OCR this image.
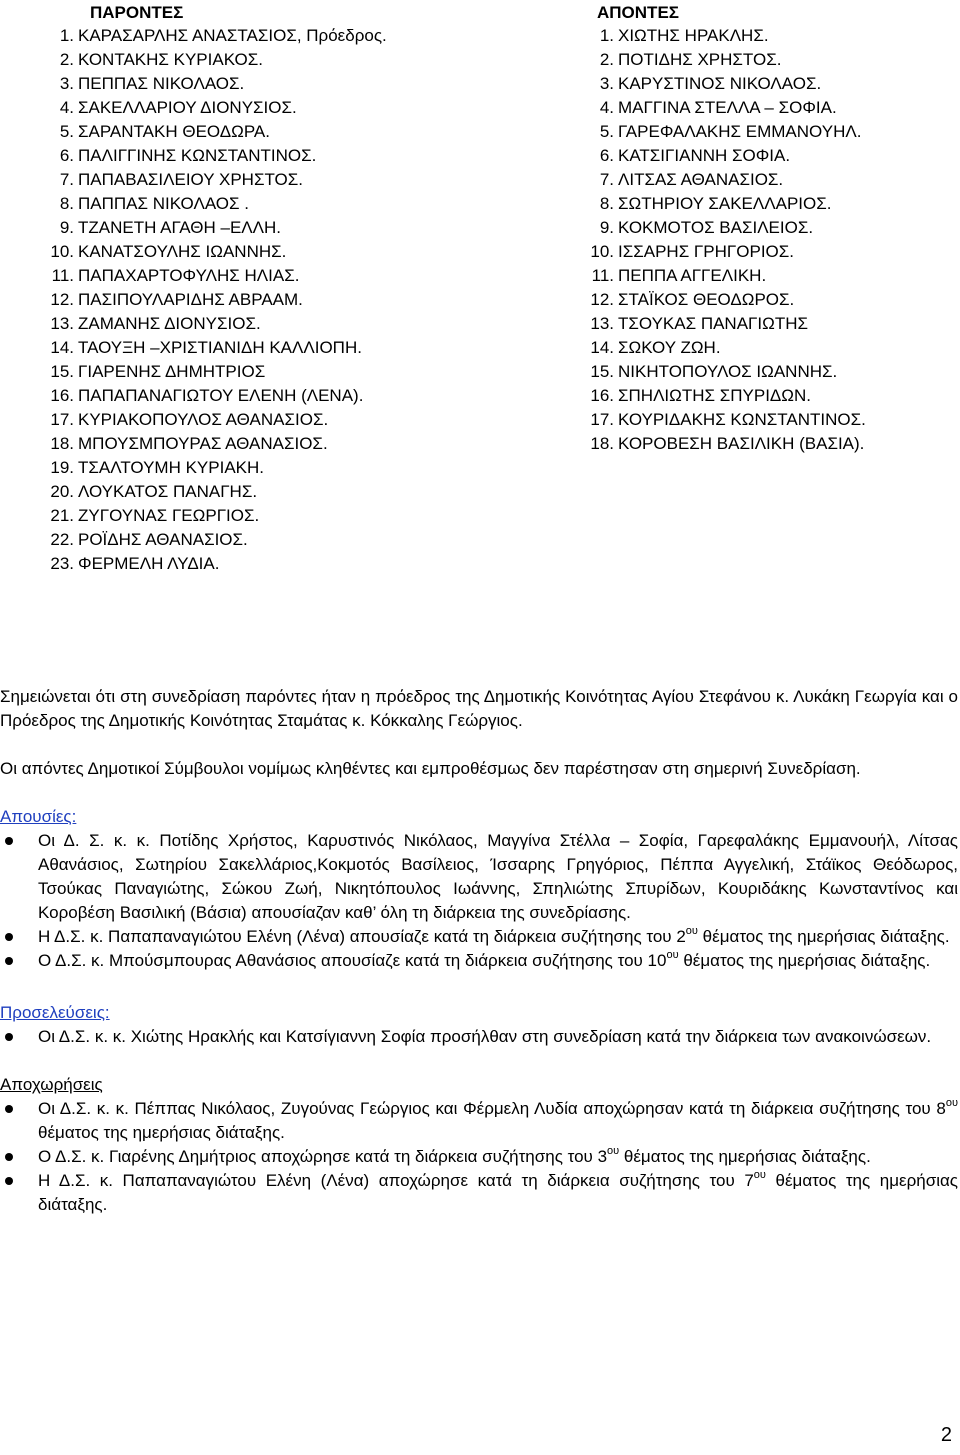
ΠΑΡΟΝΤΕΣ
1. ΚΑΡΑΣΑΡΛΗΣ ΑΝΑΣΤΑΣΙΟΣ, Πρόεδρος.
2. ΚΟΝΤΑΚΗΣ ΚΥΡΙΑΚΟΣ.
3. ΠΕΠΠΑΣ ΝΙΚΟΛΑΟΣ.
4. ΣΑΚΕΛΛΑΡΙΟΥ ΔΙΟΝΥΣΙΟΣ.
5. ΣΑΡΑΝΤΑΚΗ ΘΕΟΔΩΡΑ.
6. ΠΑΛΙΓΓΙΝΗΣ ΚΩΝΣΤΑΝΤΙΝΟΣ.
7. ΠΑΠΑΒΑΣΙΛΕΙΟΥ ΧΡΗΣΤΟΣ.
8. ΠΑΠΠΑΣ ΝΙΚΟΛΑΟΣ .
9. ΤΖΑΝΕΤΗ ΑΓΑΘΗ –ΕΛΛΗ.
10. ΚΑΝΑΤΣΟΥΛΗΣ ΙΩΑΝΝΗΣ.
11. ΠΑΠΑΧΑΡΤΟΦΥΛΗΣ ΗΛΙΑΣ.
12. ΠΑΣΙΠΟΥΛΑΡΙΔΗΣ ΑΒΡΑΑΜ.
13. ΖΑΜΑΝΗΣ ΔΙΟΝΥΣΙΟΣ.
14. ΤΑΟΥΞΗ –ΧΡΙΣΤΙΑΝΙΔΗ ΚΑΛΛΙΟΠΗ.
15. ΓΙΑΡΕΝΗΣ ΔΗΜΗΤΡΙΟΣ
16. ΠΑΠΑΠΑΝΑΓΙΩΤΟΥ ΕΛΕΝΗ (ΛΕΝΑ).
17. ΚΥΡΙΑΚΟΠΟΥΛΟΣ ΑΘΑΝΑΣΙΟΣ.
18. ΜΠΟΥΣΜΠΟΥΡΑΣ ΑΘΑΝΑΣΙΟΣ.
19. ΤΣΑΛΤΟΥΜΗ ΚΥΡΙΑΚΗ.
20. ΛΟΥΚΑΤΟΣ ΠΑΝΑΓΗΣ.
21. ΖΥΓΟΥΝΑΣ ΓΕΩΡΓΙΟΣ.
22. ΡΟΪΔΗΣ ΑΘΑΝΑΣΙΟΣ.
23. ΦΕΡΜΕΛΗ ΛΥΔΙΑ.
ΑΠΟΝΤΕΣ
1. ΧΙΩΤΗΣ ΗΡΑΚΛΗΣ.
2. ΠΟΤΙΔΗΣ ΧΡΗΣΤΟΣ.
3. ΚΑΡΥΣΤΙΝΟΣ ΝΙΚΟΛΑΟΣ.
4. ΜΑΓΓΙΝΑ ΣΤΕΛΛΑ – ΣΟΦΙΑ.
5. ΓΑΡΕΦΑΛΑΚΗΣ ΕΜΜΑΝΟΥΗΛ.
6. ΚΑΤΣΙΓΙΑΝΝΗ ΣΟΦΙΑ.
7. ΛΙΤΣΑΣ ΑΘΑΝΑΣΙΟΣ.
8. ΣΩΤΗΡΙΟΥ ΣΑΚΕΛΛΑΡΙΟΣ.
9. ΚΟΚΜΟΤΟΣ ΒΑΣΙΛΕΙΟΣ.
10. ΙΣΣΑΡΗΣ ΓΡΗΓΟΡΙΟΣ.
11. ΠΕΠΠΑ ΑΓΓΕΛΙΚΗ.
12. ΣΤΑΪΚΟΣ ΘΕΟΔΩΡΟΣ.
13. ΤΣΟΥΚΑΣ ΠΑΝΑΓΙΩΤΗΣ
14. ΣΩΚΟΥ ΖΩΗ.
15. ΝΙΚΗΤΟΠΟΥΛΟΣ ΙΩΑΝΝΗΣ.
16. ΣΠΗΛΙΩΤΗΣ ΣΠΥΡΙΔΩΝ.
17. ΚΟΥΡΙΔΑΚΗΣ ΚΩΝΣΤΑΝΤΙΝΟΣ.
18. ΚΟΡΟΒΕΣΗ ΒΑΣΙΛΙΚΗ (ΒΑΣΙΑ).

Σημειώνεται ότι στη συνεδρίαση παρόντες ήταν η πρόεδρος της Δημοτικής Κοινότητας Αγίου Στεφάνου κ. Λυκάκη Γεωργία και ο Πρόεδρος της Δημοτικής Κοινότητας Σταμάτας κ. Κόκκαλης Γεώργιος.

Οι απόντες Δημοτικοί Σύμβουλοι νομίμως κληθέντες και εμπροθέσμως δεν παρέστησαν στη σημερινή Συνεδρίαση.

Απουσίες:

Οι Δ. Σ. κ. κ. Ποτίδης Χρήστος, Καρυστινός Νικόλαος, Μαγγίνα Στέλλα – Σοφία, Γαρεφαλάκης Εμμανουήλ, Λίτσας Αθανάσιος, Σωτηρίου Σακελλάριος,Κοκμοτός Βασίλειος, Ίσσαρης Γρηγόριος, Πέππα Αγγελική, Στάϊκος Θεόδωρος, Τσούκας Παναγιώτης, Σώκου Ζωή, Νικητόπουλος Ιωάννης, Σπηλιώτης Σπυρίδων, Κουριδάκης Κωνσταντίνος και Κοροβέση Βασιλική (Βάσια) απουσίαζαν καθ’ όλη τη διάρκεια της συνεδρίασης.
Η Δ.Σ. κ. Παπαπαναγιώτου Ελένη (Λένα) απουσίαζε κατά τη διάρκεια συζήτησης του $2^{o\upsilon}$ θέματος της ημερήσιας διάταξης.
Ο Δ.Σ. κ. Μπούσμπουρας Αθανάσιος απουσίαζε κατά τη διάρκεια συζήτησης του $10^{o\upsilon}$ θέματος της ημερήσιας διάταξης.

Προσελεύσεις:

Οι Δ.Σ. κ. κ. Χιώτης Ηρακλής και Κατσίγιαννη Σοφία προσήλθαν στη συνεδρίαση κατά την διάρκεια των ανακοινώσεων.

Αποχωρήσεις

Οι Δ.Σ. κ. κ. Πέππας Νικόλαος, Ζυγούνας Γεώργιος και Φέρμελη Λυδία αποχώρησαν κατά τη διάρκεια συζήτησης του $8^{o\upsilon}$ θέματος της ημερήσιας διάταξης.
Ο Δ.Σ. κ. Γιαρένης Δημήτριος αποχώρησε κατά τη διάρκεια συζήτησης του $3^{o\upsilon}$ θέματος της ημερήσιας διάταξης.
Η Δ.Σ. κ. Παπαπαναγιώτου Ελένη (Λένα) αποχώρησε κατά τη διάρκεια συζήτησης του $7^{o\upsilon}$ θέματος της ημερήσιας διάταξης.
2
